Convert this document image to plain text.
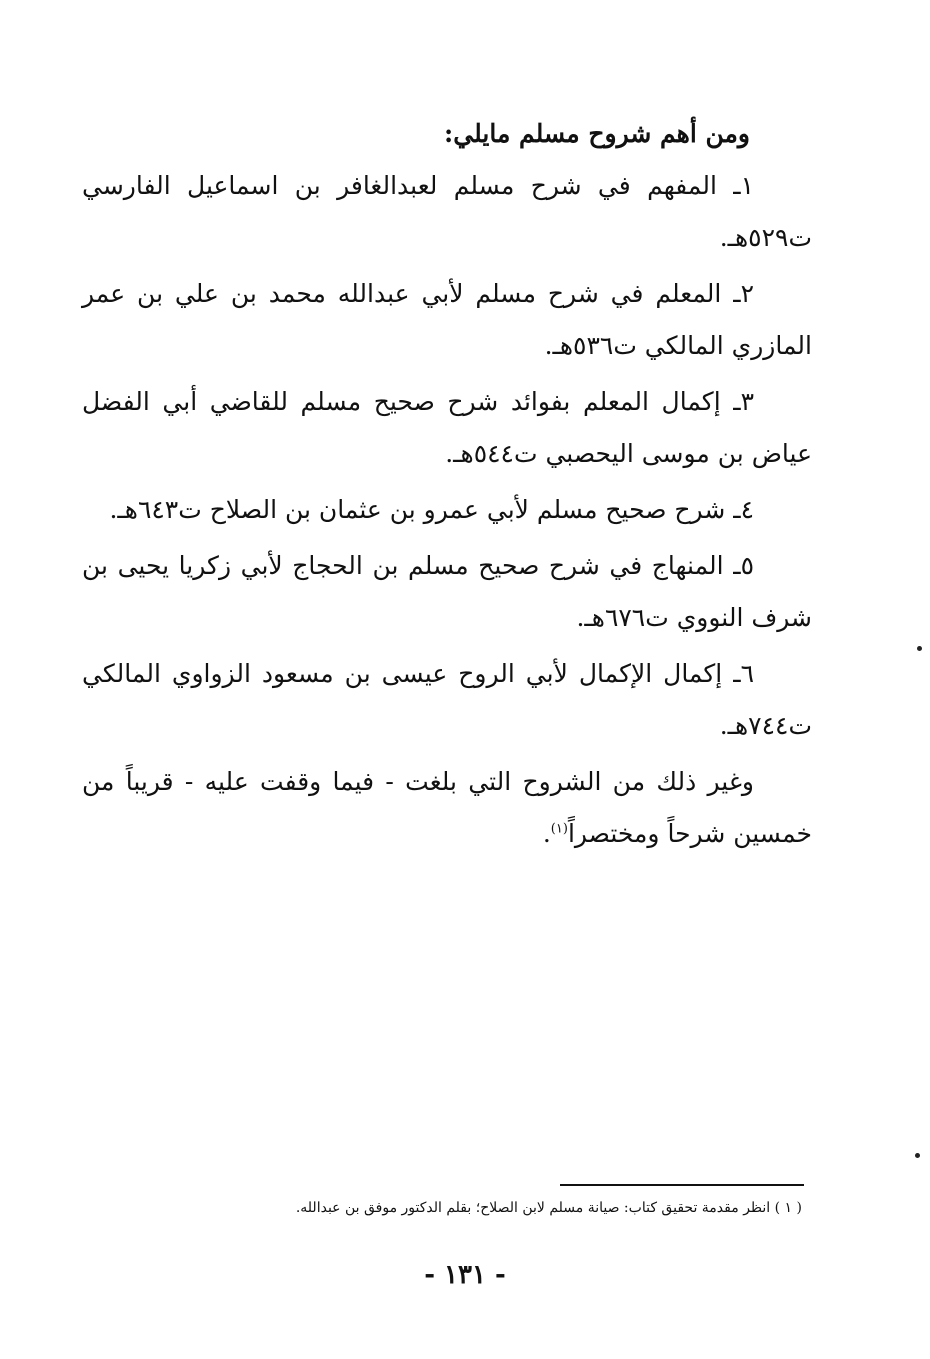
ومن أهم شروح مسلم مايلي:

١ـ المفهم في شرح مسلم لعبدالغافر بن اسماعيل الفارسي ت٥٢٩هـ.

٢ـ المعلم في شرح مسلم لأبي عبدالله محمد بن علي بن عمر المازري المالكي ت٥٣٦هـ.

٣ـ إكمال المعلم بفوائد شرح صحيح مسلم للقاضي أبي الفضل عياض بن موسى اليحصبي ت٥٤٤هـ.

٤ـ شرح صحيح مسلم لأبي عمرو بن عثمان بن الصلاح ت٦٤٣هـ.

٥ـ المنهاج في شرح صحيح مسلم بن الحجاج لأبي زكريا يحيى بن شرف النووي ت٦٧٦هـ.

٦ـ إكمال الإكمال لأبي الروح عيسى بن مسعود الزواوي المالكي ت٧٤٤هـ.

وغير ذلك من الشروح التي بلغت - فيما وقفت عليه - قريباً من خمسين شرحاً ومختصراً$^{(١)}$.

( ١ ) انظر مقدمة تحقيق كتاب: صيانة مسلم لابن الصلاح؛ بقلم الدكتور موفق بن عبدالله.
- ١٣١ -
